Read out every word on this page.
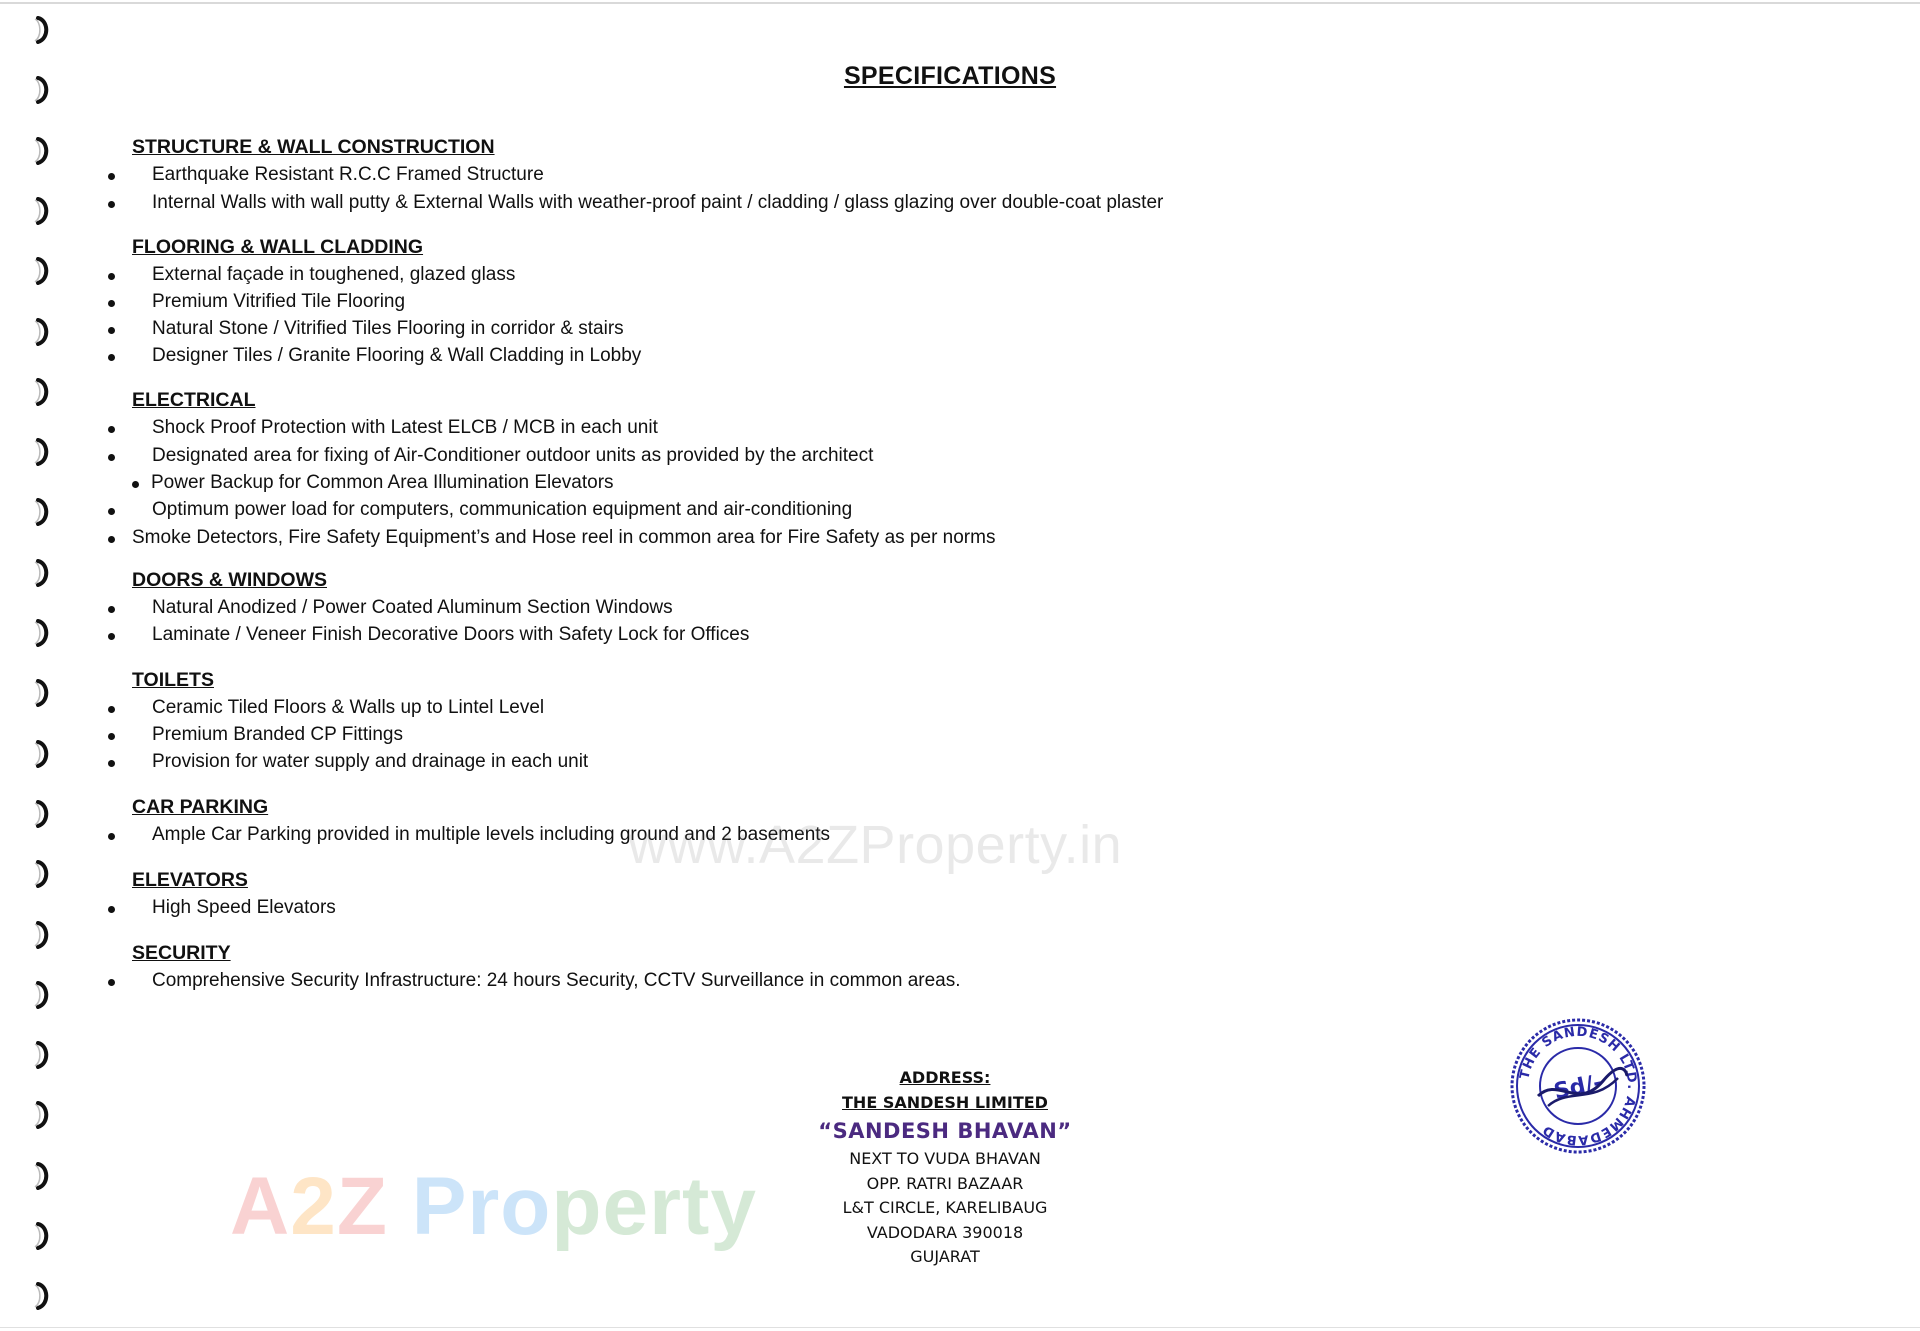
SPECIFICATIONS
STRUCTURE & WALL CONSTRUCTION
Earthquake Resistant R.C.C Framed Structure
Internal Walls with wall putty & External Walls with weather-proof paint / cladding / glass glazing over double-coat plaster
FLOORING & WALL CLADDING
External façade in toughened, glazed glass
Premium Vitrified Tile Flooring
Natural Stone / Vitrified Tiles Flooring in corridor & stairs
Designer Tiles / Granite Flooring & Wall Cladding in Lobby
ELECTRICAL
Shock Proof Protection with Latest ELCB / MCB in each unit
Designated area for fixing of Air-Conditioner outdoor units as provided by the architect
Power Backup for Common Area Illumination Elevators
Optimum power load for computers, communication equipment and air-conditioning
Smoke Detectors, Fire Safety Equipment’s and Hose reel in common area for Fire Safety as per norms
DOORS & WINDOWS
Natural Anodized / Power Coated Aluminum Section Windows
Laminate / Veneer Finish Decorative Doors with Safety Lock for Offices
TOILETS
Ceramic Tiled Floors & Walls up to Lintel Level
Premium Branded CP Fittings
Provision for water supply and drainage in each unit
CAR PARKING
Ample Car Parking provided in multiple levels including ground and 2 basements
ELEVATORS
High Speed Elevators
SECURITY
Comprehensive Security Infrastructure: 24 hours Security, CCTV Surveillance in common areas.
www.A2ZProperty.in
A2Z Property
ADDRESS:
THE SANDESH LIMITED
“SANDESH BHAVAN”
NEXT TO VUDA BHAVAN
OPP. RATRI BAZAAR
L&T CIRCLE, KARELIBAUG
VADODARA 390018
GUJARAT
THE SANDESH LTD. AHMEDABAD
Sd/-
